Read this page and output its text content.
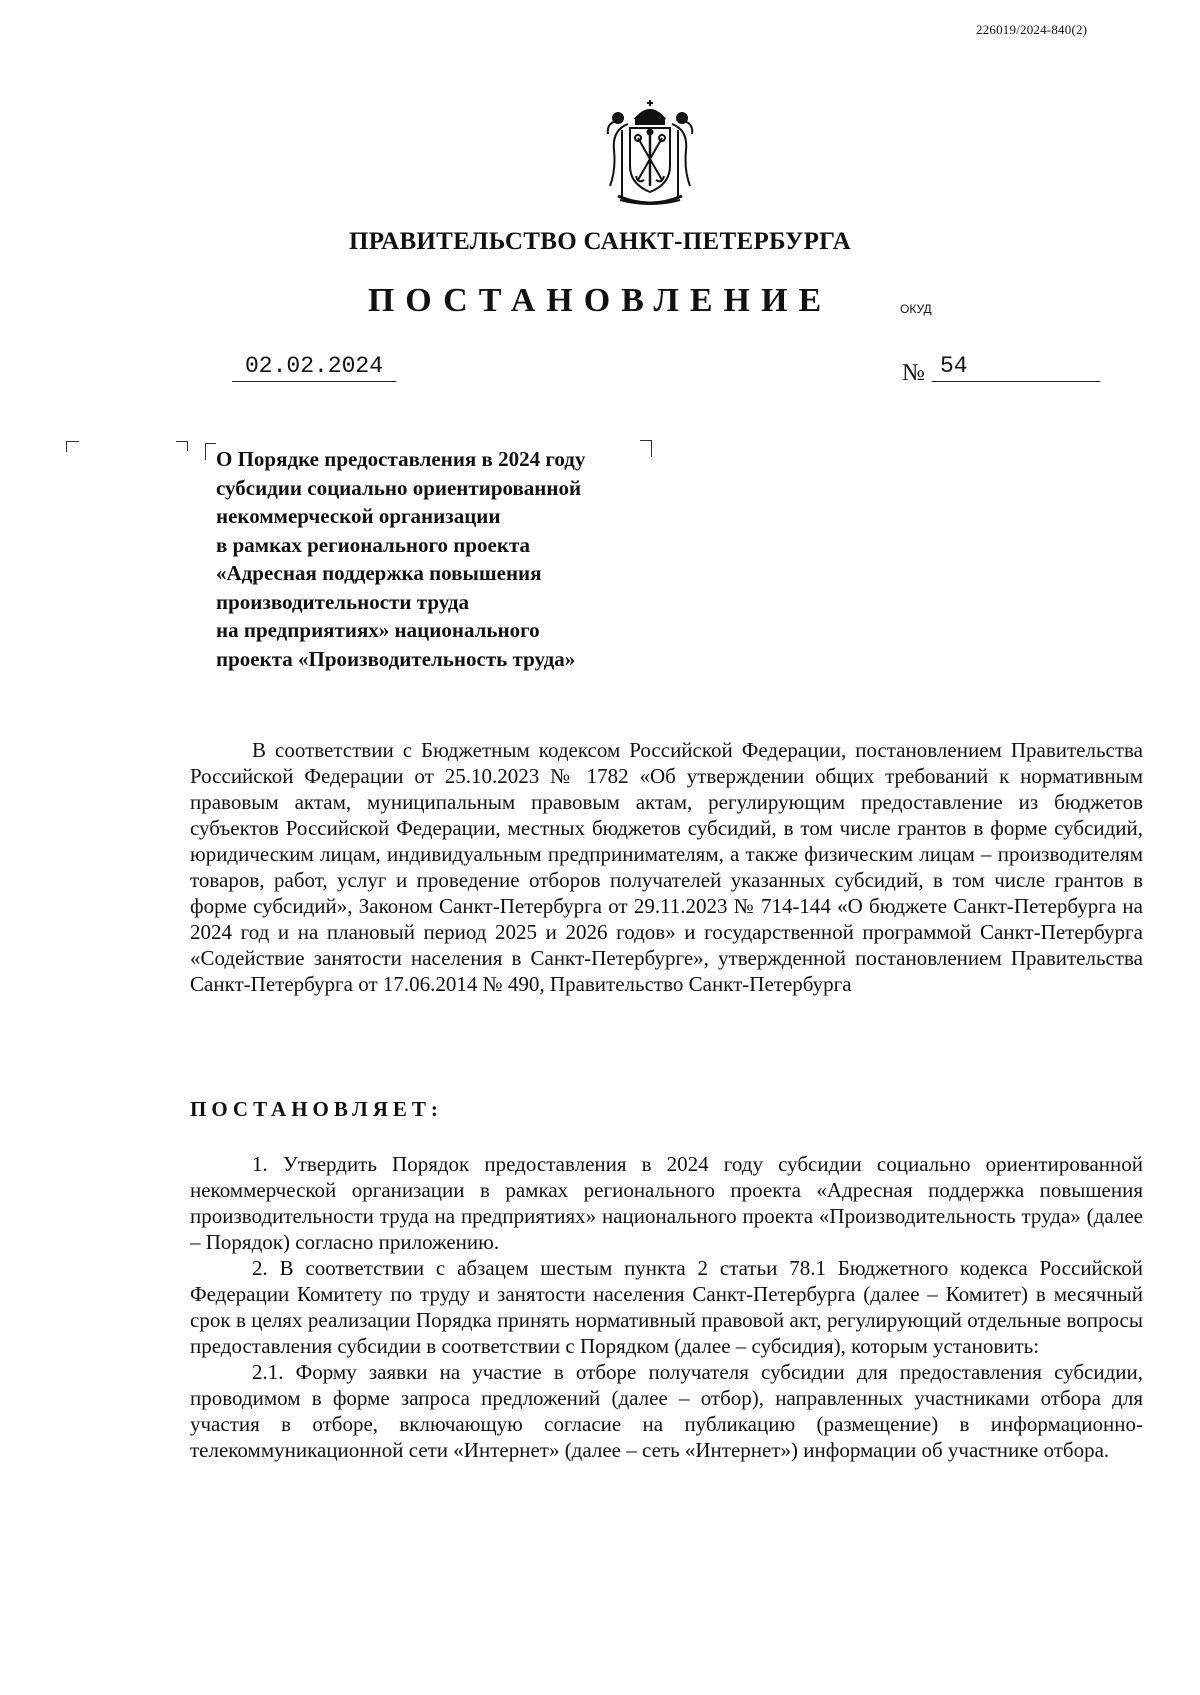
226019/2024-840(2)
ПРАВИТЕЛЬСТВО САНКТ-ПЕТЕРБУРГА
ПОСТАНОВЛЕНИЕ	ОКУД
02.02.2024	№ 54
О Порядке предоставления в 2024 году
субсидии социально ориентированной
некоммерческой организации
в рамках регионального проекта
«Адресная поддержка повышения
производительности труда
на предприятиях» национального
проекта «Производительность труда»

В соответствии с Бюджетным кодексом Российской Федерации, постановлением Правительства Российской Федерации от 25.10.2023 № 1782 «Об утверждении общих требований к нормативным правовым актам, муниципальным правовым актам, регулирующим предоставление из бюджетов субъектов Российской Федерации, местных бюджетов субсидий, в том числе грантов в форме субсидий, юридическим лицам, индивидуальным предпринимателям, а также физическим лицам – производителям товаров, работ, услуг и проведение отборов получателей указанных субсидий, в том числе грантов в форме субсидий», Законом Санкт-Петербурга от 29.11.2023 № 714-144 «О бюджете Санкт-Петербурга на 2024 год и на плановый период 2025 и 2026 годов» и государственной программой Санкт-Петербурга «Содействие занятости населения в Санкт-Петербурге», утвержденной постановлением Правительства Санкт-Петербурга от 17.06.2014 № 490, Правительство Санкт-Петербурга

ПОСТАНОВЛЯЕТ:

1. Утвердить Порядок предоставления в 2024 году субсидии социально ориентированной некоммерческой организации в рамках регионального проекта «Адресная поддержка повышения производительности труда на предприятиях» национального проекта «Производительность труда» (далее – Порядок) согласно приложению.

2. В соответствии с абзацем шестым пункта 2 статьи 78.1 Бюджетного кодекса Российской Федерации Комитету по труду и занятости населения Санкт-Петербурга (далее – Комитет) в месячный срок в целях реализации Порядка принять нормативный правовой акт, регулирующий отдельные вопросы предоставления субсидии в соответствии с Порядком (далее – субсидия), которым установить:

2.1. Форму заявки на участие в отборе получателя субсидии для предоставления субсидии, проводимом в форме запроса предложений (далее – отбор), направленных участниками отбора для участия в отборе, включающую согласие на публикацию (размещение) в информационно-телекоммуникационной сети «Интернет» (далее – сеть «Интернет») информации об участнике отбора.
